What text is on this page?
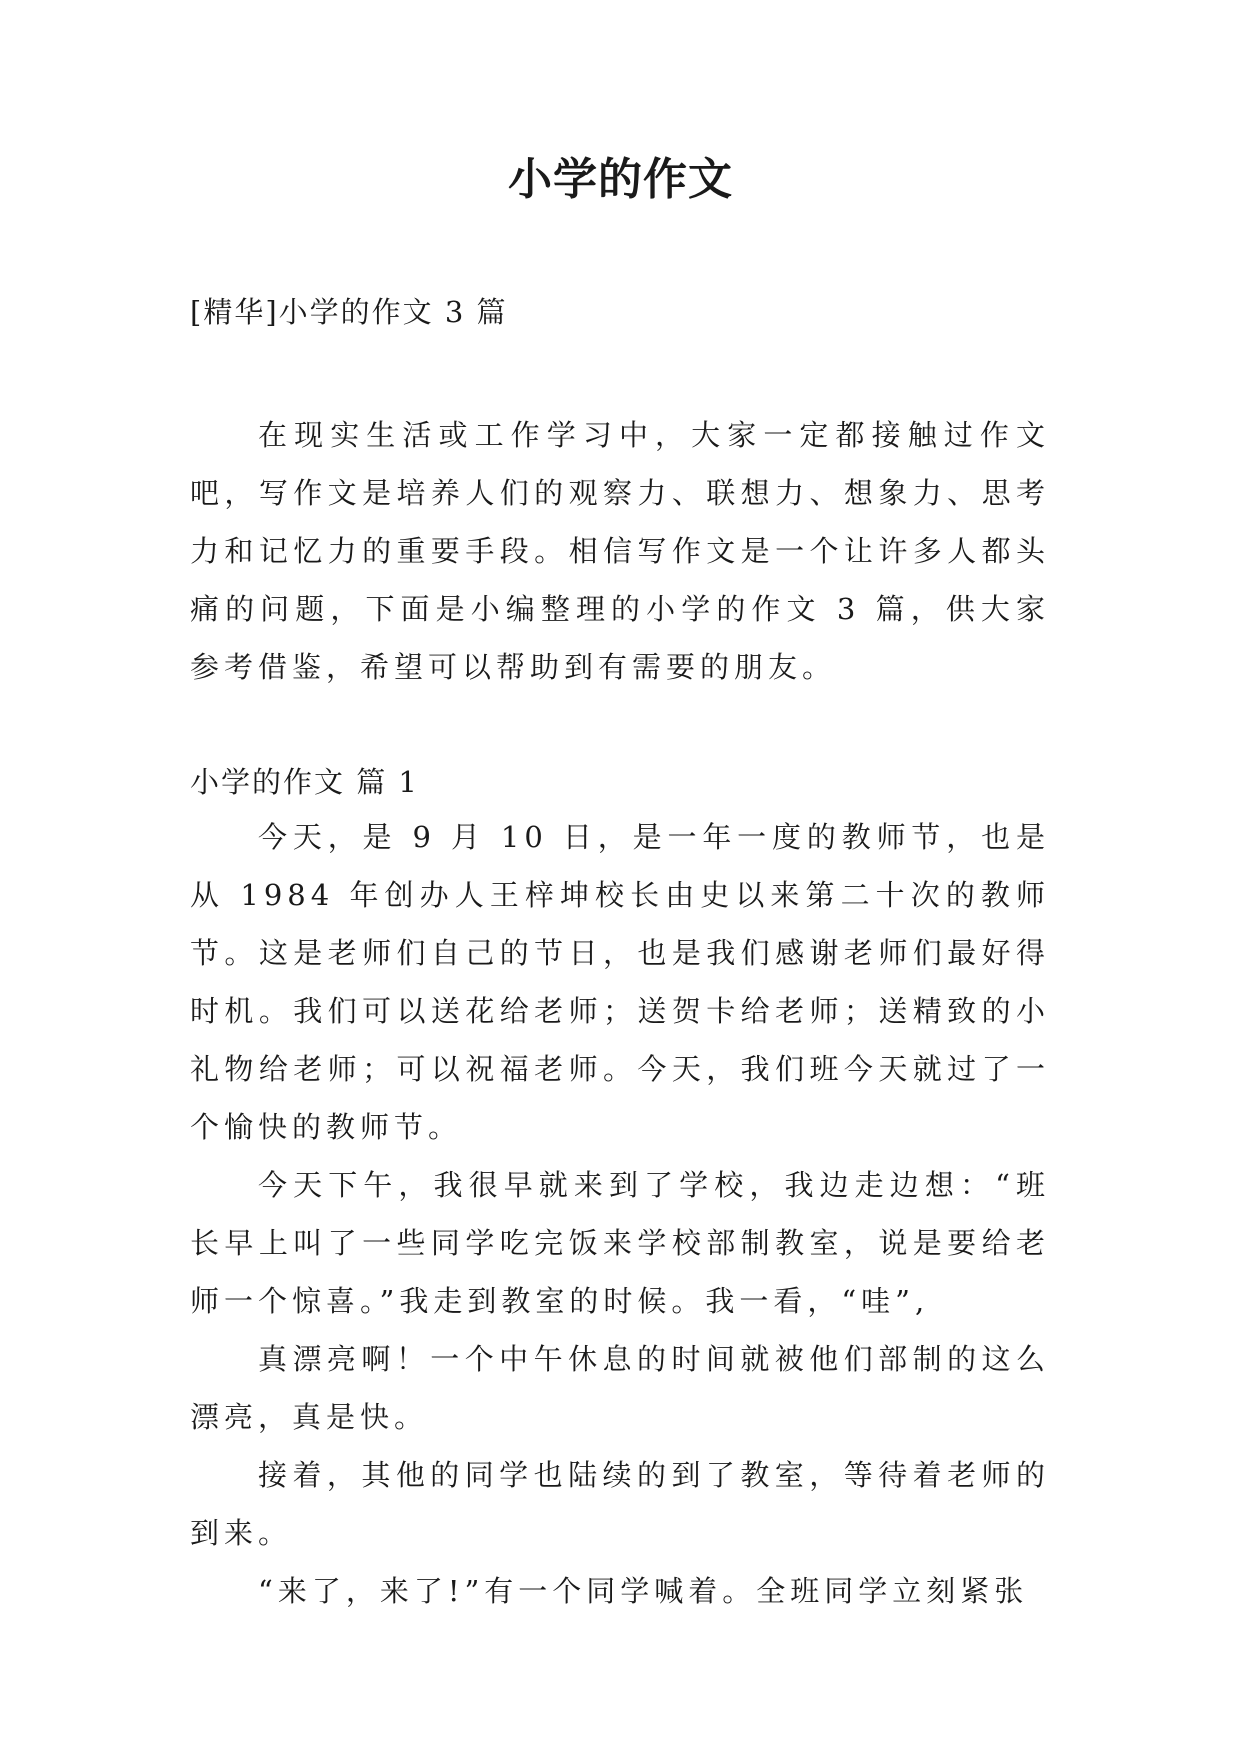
小学的作文
[精华]小学的作文 3 篇

在现实生活或工作学习中，大家一定都接触过作文吧，写作文是培养人们的观察力、联想力、想象力、思考力和记忆力的重要手段。相信写作文是一个让许多人都头痛的问题，下面是小编整理的小学的作文 3 篇，供大家参考借鉴，希望可以帮助到有需要的朋友。

小学的作文 篇 1

今天，是 9 月 10 日，是一年一度的教师节，也是从 1984 年创办人王梓坤校长由史以来第二十次的教师节。这是老师们自己的节日，也是我们感谢老师们最好得时机。我们可以送花给老师；送贺卡给老师；送精致的小礼物给老师；可以祝福老师。今天，我们班今天就过了一个愉快的教师节。

今天下午，我很早就来到了学校，我边走边想：“班长早上叫了一些同学吃完饭来学校部制教室，说是要给老师一个惊喜。”我走到教室的时候。我一看，“哇”,

真漂亮啊！一个中午休息的时间就被他们部制的这么漂亮，真是快。

接着，其他的同学也陆续的到了教室，等待着老师的到来。

“来了，来了!”有一个同学喊着。全班同学立刻紧张
